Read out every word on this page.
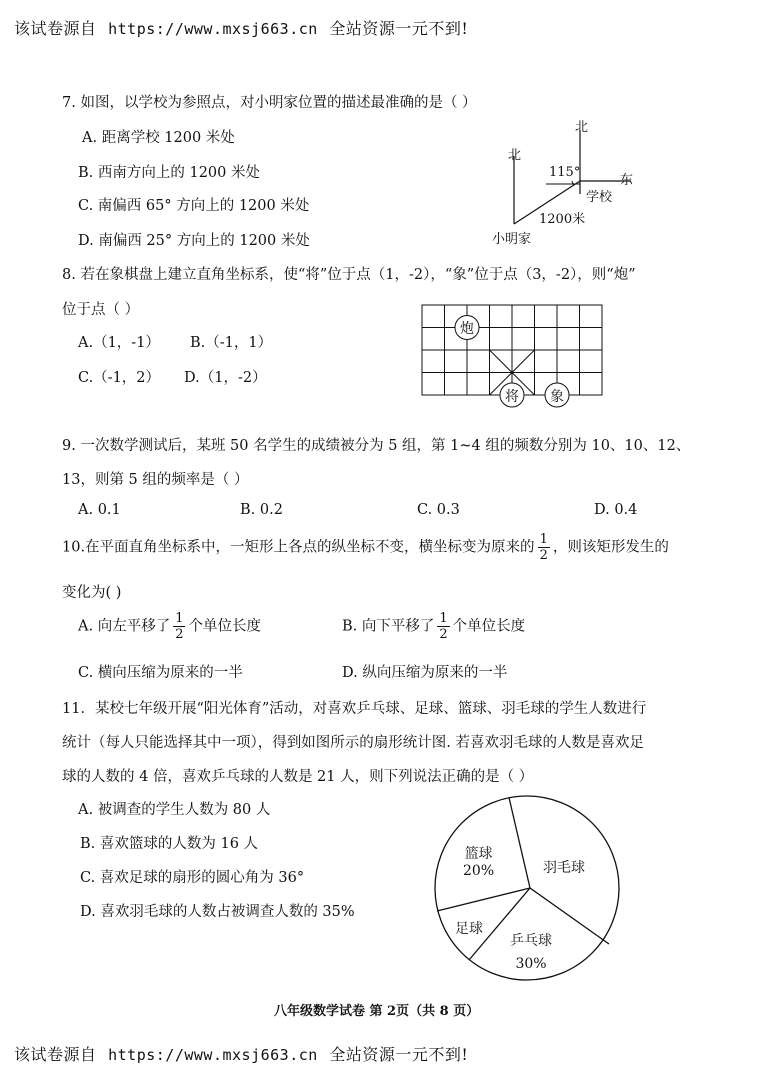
该试卷源自 https://www.mxsj663.cn 全站资源一元不到!
7. 如图，以学校为参照点，对小明家位置的描述最准确的是（ ）
A. 距离学校 1200 米处
B. 西南方向上的 1200 米处
C. 南偏西 65° 方向上的 1200 米处
D. 南偏西 25° 方向上的 1200 米处
北
北
115°
东
学校
1200米
小明家
8. 若在象棋盘上建立直角坐标系，使“将”位于点（1，-2），“象”位于点（3，-2），则“炮”
位于点（ ）
A.（1，-1） B.（-1，1）
C.（-1，2） D.（1，-2）
炮
将 象
9. 一次数学测试后，某班 50 名学生的成绩被分为 5 组，第 1~4 组的频数分别为 10、10、12、
13，则第 5 组的频率是（ ）
A. 0.1	B. 0.2	C. 0.3	D. 0.4
10.在平面直角坐标系中，一矩形上各点的纵坐标不变，横坐标变为原来的 $\frac{1}{2}$ ，则该矩形发生的
变化为( )
A. 向左平移了 $\frac{1}{2}$ 个单位长度	B. 向下平移了 $\frac{1}{2}$ 个单位长度
C. 横向压缩为原来的一半	D. 纵向压缩为原来的一半
11．某校七年级开展“阳光体育”活动，对喜欢乒乓球、足球、篮球、羽毛球的学生人数进行
统计（每人只能选择其中一项），得到如图所示的扇形统计图. 若喜欢羽毛球的人数是喜欢足
球的人数的 4 倍，喜欢乒乓球的人数是 21 人，则下列说法正确的是（ ）
A. 被调查的学生人数为 80 人
B. 喜欢篮球的人数为 16 人
C. 喜欢足球的扇形的圆心角为 36°
D. 喜欢羽毛球的人数占被调查人数的 35%
篮球
20%	羽毛球
足球
乒乓球
30%
八年级数学试卷 第 2页（共 8 页）
该试卷源自 https://www.mxsj663.cn 全站资源一元不到!
